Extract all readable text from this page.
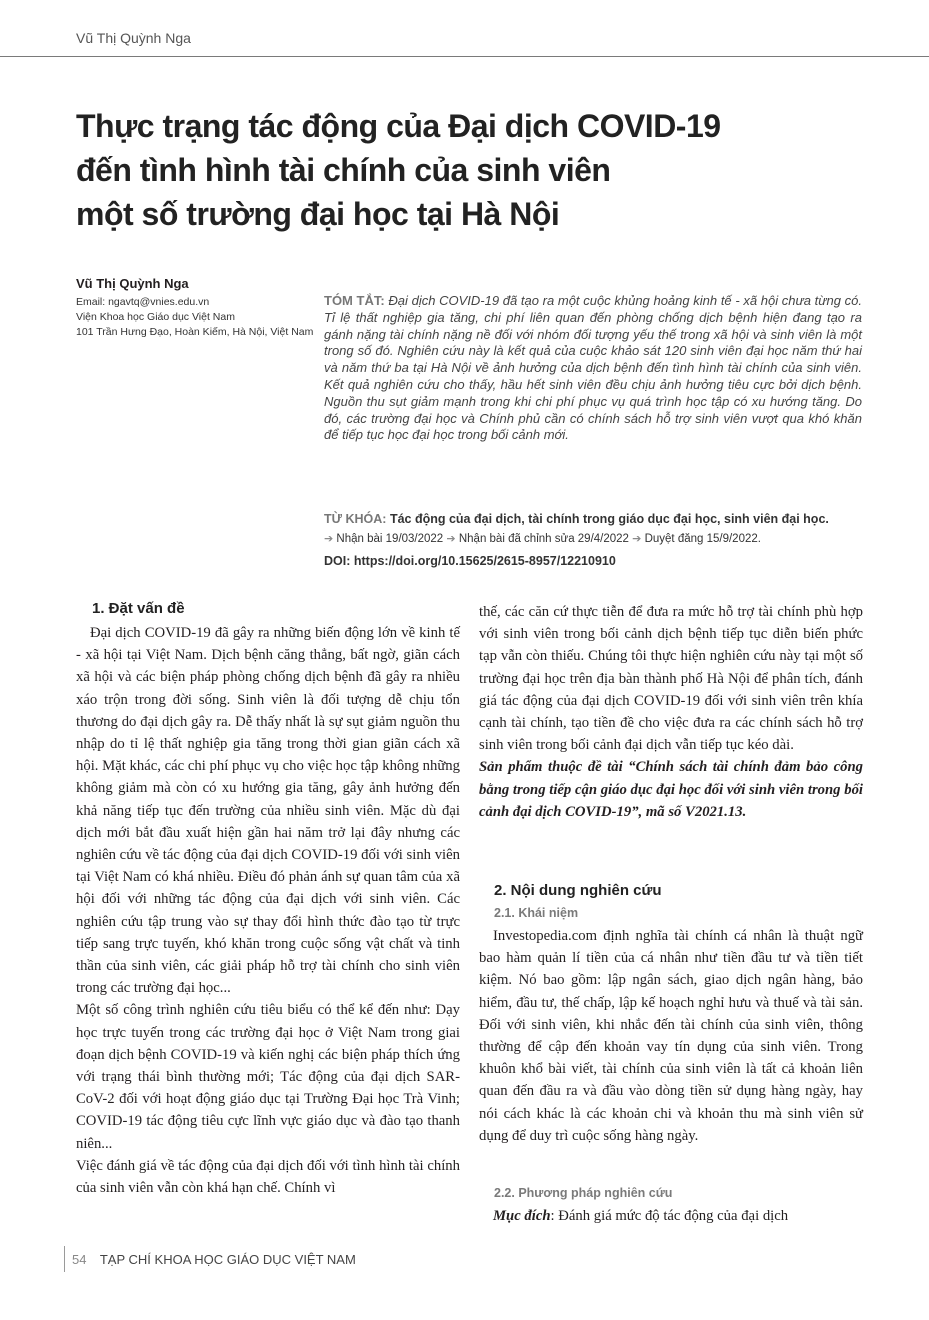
Vũ Thị Quỳnh Nga
Thực trạng tác động của Đại dịch COVID-19
đến tình hình tài chính của sinh viên
một số trường đại học tại Hà Nội
Vũ Thị Quỳnh Nga
Email: ngavtq@vnies.edu.vn
Viện Khoa học Giáo dục Việt Nam
101 Trần Hưng Đạo, Hoàn Kiếm, Hà Nội, Việt Nam

TÓM TẮT: Đại dịch COVID-19 đã tạo ra một cuộc khủng hoảng kinh tế - xã hội chưa từng có. Tỉ lệ thất nghiệp gia tăng, chi phí liên quan đến phòng chống dịch bệnh hiện đang tạo ra gánh nặng tài chính nặng nề đối với nhóm đối tượng yếu thế trong xã hội và sinh viên là một trong số đó. Nghiên cứu này là kết quả của cuộc khảo sát 120 sinh viên đại học năm thứ hai và năm thứ ba tại Hà Nội về ảnh hưởng của dịch bệnh đến tình hình tài chính của sinh viên. Kết quả nghiên cứu cho thấy, hầu hết sinh viên đều chịu ảnh hưởng tiêu cực bởi dịch bệnh. Nguồn thu sụt giảm mạnh trong khi chi phí phục vụ quá trình học tập có xu hướng tăng. Do đó, các trường đại học và Chính phủ cần có chính sách hỗ trợ sinh viên vượt qua khó khăn để tiếp tục học đại học trong bối cảnh mới.

TỪ KHÓA: Tác động của đại dịch, tài chính trong giáo dục đại học, sinh viên đại học.
➔ Nhận bài 19/03/2022 ➔ Nhận bài đã chỉnh sửa 29/4/2022 ➔ Duyệt đăng 15/9/2022.
DOI: https://doi.org/10.15625/2615-8957/12210910
1. Đặt vấn đề

Đại dịch COVID-19 đã gây ra những biến động lớn về kinh tế - xã hội tại Việt Nam. Dịch bệnh căng thẳng, bất ngờ, giãn cách xã hội và các biện pháp phòng chống dịch bệnh đã gây ra nhiều xáo trộn trong đời sống. Sinh viên là đối tượng dễ chịu tổn thương do đại dịch gây ra. Dễ thấy nhất là sự sụt giảm nguồn thu nhập do tỉ lệ thất nghiệp gia tăng trong thời gian giãn cách xã hội. Mặt khác, các chi phí phục vụ cho việc học tập không những không giảm mà còn có xu hướng gia tăng, gây ảnh hưởng đến khả năng tiếp tục đến trường của nhiều sinh viên. Mặc dù đại dịch mới bắt đầu xuất hiện gần hai năm trở lại đây nhưng các nghiên cứu về tác động của đại dịch COVID-19 đối với sinh viên tại Việt Nam có khá nhiều. Điều đó phản ánh sự quan tâm của xã hội đối với những tác động của đại dịch với sinh viên. Các nghiên cứu tập trung vào sự thay đổi hình thức đào tạo từ trực tiếp sang trực tuyến, khó khăn trong cuộc sống vật chất và tinh thần của sinh viên, các giải pháp hỗ trợ tài chính cho sinh viên trong các trường đại học...

Một số công trình nghiên cứu tiêu biểu có thể kể đến như: Dạy học trực tuyến trong các trường đại học ở Việt Nam trong giai đoạn dịch bệnh COVID-19 và kiến nghị các biện pháp thích ứng với trạng thái bình thường mới; Tác động của đại dịch SAR-CoV-2 đối với hoạt động giáo dục tại Trường Đại học Trà Vinh; COVID-19 tác động tiêu cực lĩnh vực giáo dục và đào tạo thanh niên...

Việc đánh giá về tác động của đại dịch đối với tình hình tài chính của sinh viên vẫn còn khá hạn chế. Chính vì

thế, các căn cứ thực tiễn để đưa ra mức hỗ trợ tài chính phù hợp với sinh viên trong bối cảnh dịch bệnh tiếp tục diễn biến phức tạp vẫn còn thiếu. Chúng tôi thực hiện nghiên cứu này tại một số trường đại học trên địa bàn thành phố Hà Nội để phân tích, đánh giá tác động của đại dịch COVID-19 đối với sinh viên trên khía cạnh tài chính, tạo tiền đề cho việc đưa ra các chính sách hỗ trợ sinh viên trong bối cảnh đại dịch vẫn tiếp tục kéo dài.

Sản phẩm thuộc đề tài “Chính sách tài chính đảm bảo công bằng trong tiếp cận giáo dục đại học đối với sinh viên trong bối cảnh đại dịch COVID-19”, mã số V2021.13.

2. Nội dung nghiên cứu
2.1. Khái niệm

Investopedia.com định nghĩa tài chính cá nhân là thuật ngữ bao hàm quản lí tiền của cá nhân như tiền đầu tư và tiền tiết kiệm. Nó bao gồm: lập ngân sách, giao dịch ngân hàng, bảo hiểm, đầu tư, thế chấp, lập kế hoạch nghỉ hưu và thuế và tài sản. Đối với sinh viên, khi nhắc đến tài chính của sinh viên, thông thường để cập đến khoản vay tín dụng của sinh viên. Trong khuôn khổ bài viết, tài chính của sinh viên là tất cả khoản liên quan đến đầu ra và đầu vào dòng tiền sử dụng hàng ngày, hay nói cách khác là các khoản chi và khoản thu mà sinh viên sử dụng để duy trì cuộc sống hàng ngày.

2.2. Phương pháp nghiên cứu

Mục đích: Đánh giá mức độ tác động của đại dịch

54 TẠP CHÍ KHOA HỌC GIÁO DỤC VIỆT NAM
